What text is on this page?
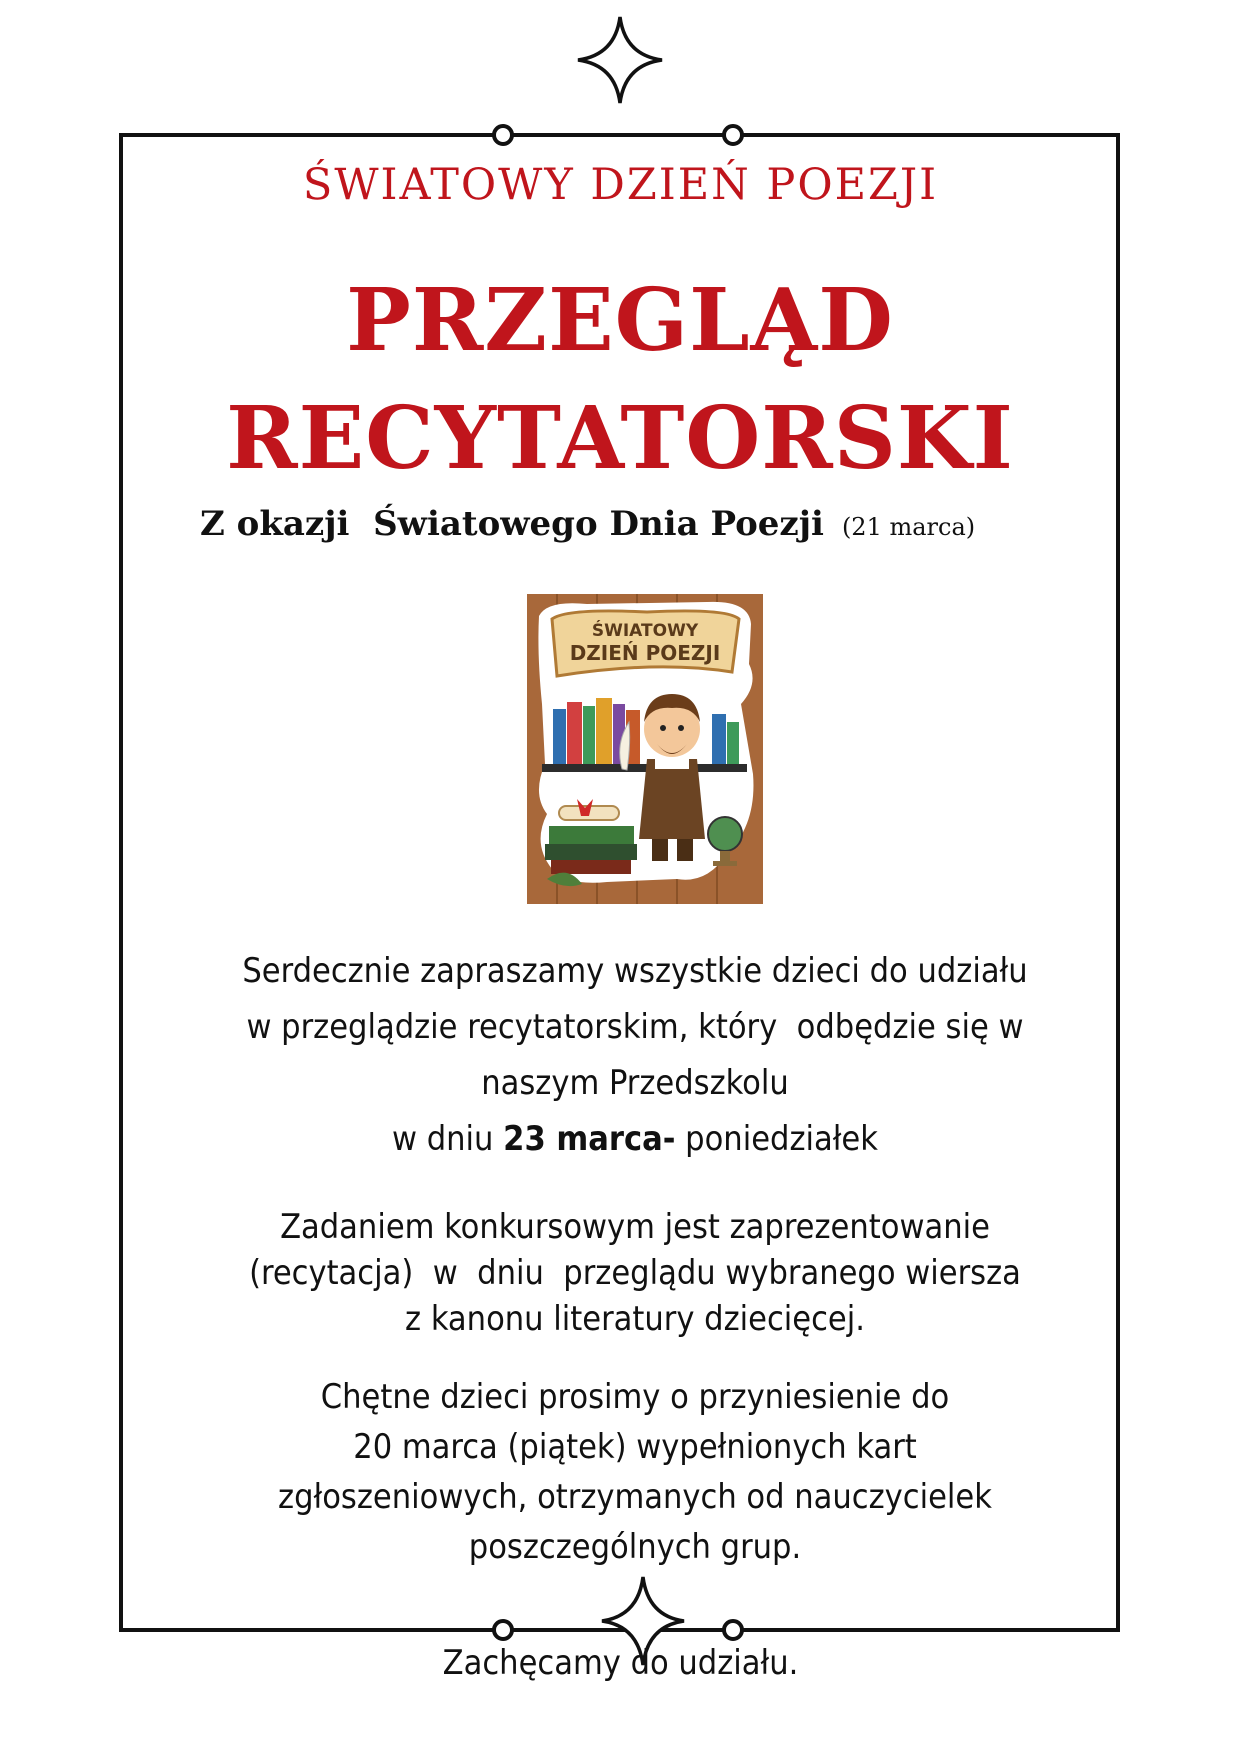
ŚWIATOWY DZIEŃ POEZJI
PRZEGLĄD
RECYTATORSKI
Z okazji  Światowego Dnia Poezji (21 marca)
ŚWIATOWY
DZIEŃ POEZJI
Serdecznie zapraszamy wszystkie dzieci do udziału
w przeglądzie recytatorskim, który  odbędzie się w
naszym Przedszkolu
w dniu 23 marca- poniedziałek
Zadaniem konkursowym jest zaprezentowanie
(recytacja)  w  dniu  przeglądu wybranego wiersza
z kanonu literatury dziecięcej.
Chętne dzieci prosimy o przyniesienie do
20 marca (piątek) wypełnionych kart
zgłoszeniowych, otrzymanych od nauczycielek
poszczególnych grup.
Zachęcamy do udziału.
